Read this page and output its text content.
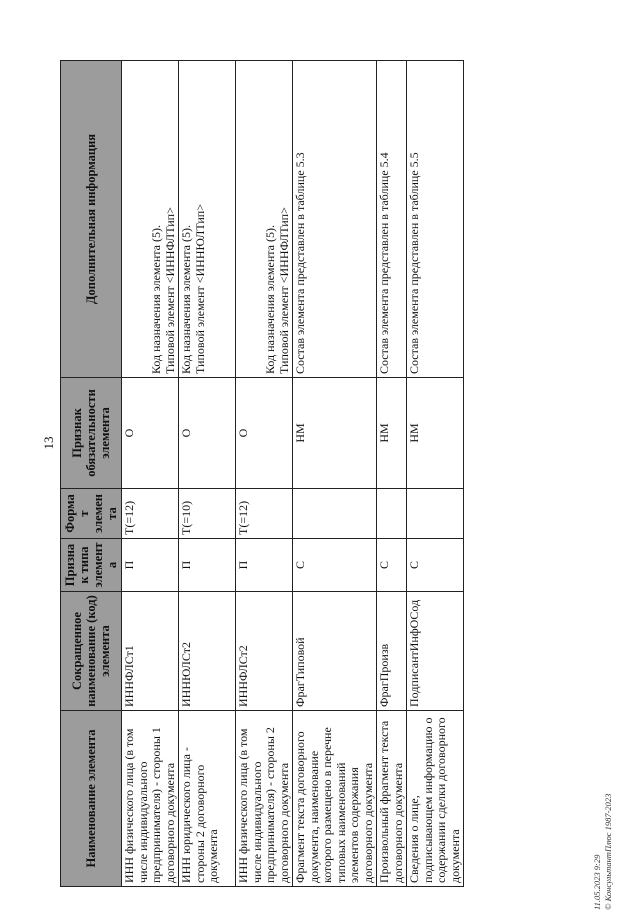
13
Наименование элемента	Сокращенное наименование (код) элемента	Признак типа элемента	Формат элемента	Признак обязательности элемента	Дополнительная информация
ИНН физического лица (в том числе индивидуального предпринимателя) - стороны 1 договорного документа	ИННФЛСт1	П	T(=12)	О	Код назначения элемента (5). Типовой элемент <ИННФЛТип>

ИНН юридического лица - стороны 2 договорного документа	ИННЮЛСт2	П	T(=10)	О	Код назначения элемента (5). Типовой элемент <ИННЮЛТип>

ИНН физического лица (в том числе индивидуального предпринимателя) - стороны 2 договорного документа	ИННФЛСт2	П	T(=12)	О	Код назначения элемента (5). Типовой элемент <ИННФЛТип>

Фрагмент текста договорного документа, наименование которого размещено в перечне типовых наименований элементов содержания договорного документа	ФрагТиповой	С		НМ	Состав элемента представлен в таблице 5.3
Произвольный фрагмент текста договорного документа	ФрагПроизв	С		НМ	Состав элемента представлен в таблице 5.4
Сведения о лице, подписывающем информацию о содержании сделки договорного документа	ПодписантИнфОСод	С		НМ	Состав элемента представлен в таблице 5.5
11.05.2023 9:29 © КонсультантПлюс 1987-2023
